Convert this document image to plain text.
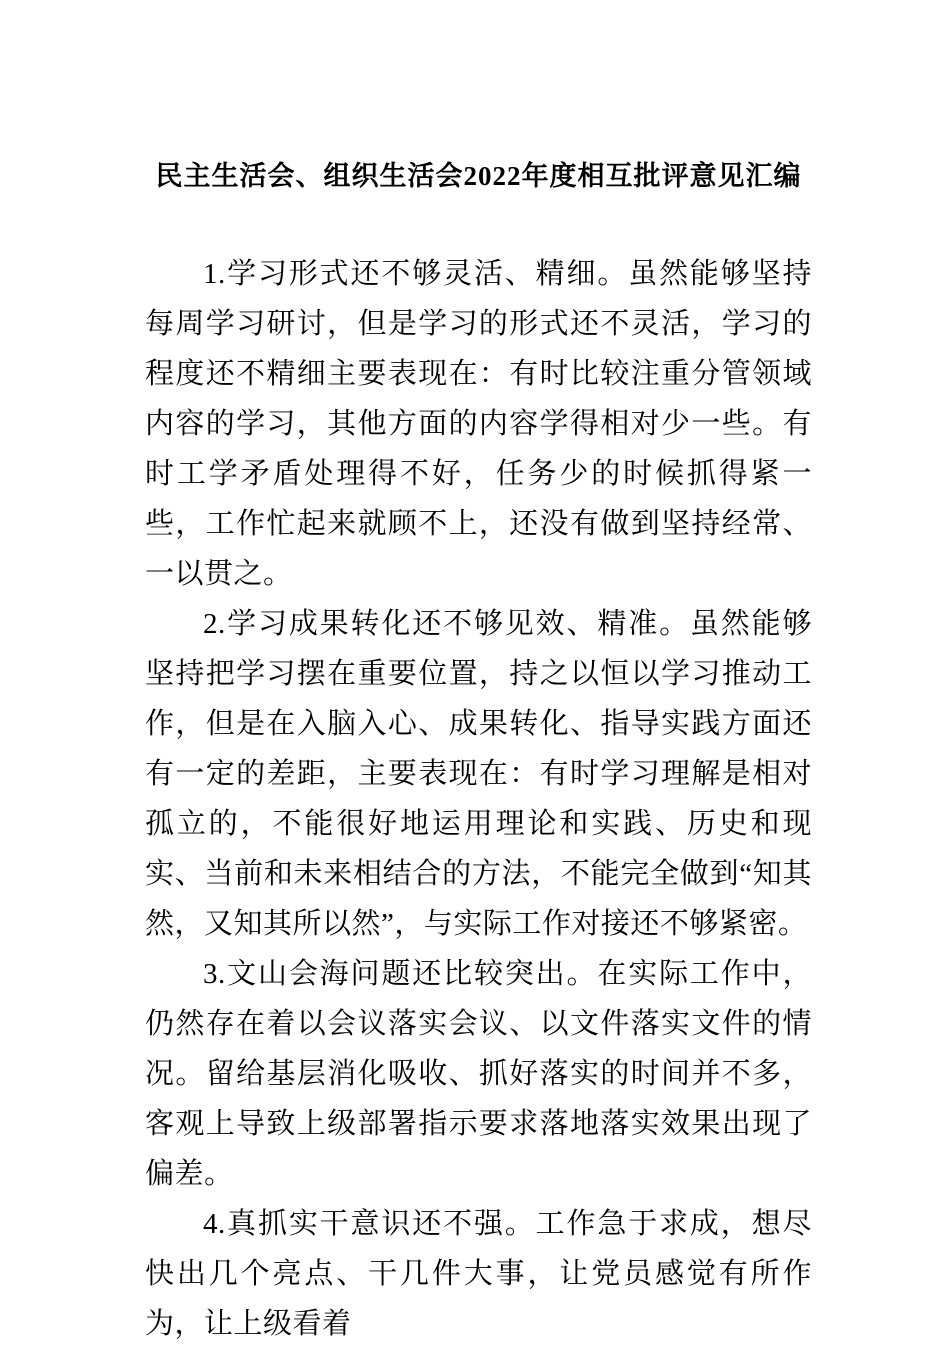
民主生活会、组织生活会2022年度相互批评意见汇编

1.学习形式还不够灵活、精细。虽然能够坚持每周学习研讨，但是学习的形式还不灵活，学习的程度还不精细主要表现在：有时比较注重分管领域内容的学习，其他方面的内容学得相对少一些。有时工学矛盾处理得不好，任务少的时候抓得紧一些，工作忙起来就顾不上，还没有做到坚持经常、一以贯之。

2.学习成果转化还不够见效、精准。虽然能够坚持把学习摆在重要位置，持之以恒以学习推动工作，但是在入脑入心、成果转化、指导实践方面还有一定的差距，主要表现在：有时学习理解是相对孤立的，不能很好地运用理论和实践、历史和现实、当前和未来相结合的方法，不能完全做到“知其然，又知其所以然”，与实际工作对接还不够紧密。

3.文山会海问题还比较突出。在实际工作中，仍然存在着以会议落实会议、以文件落实文件的情况。留给基层消化吸收、抓好落实的时间并不多，客观上导致上级部署指示要求落地落实效果出现了偏差。

4.真抓实干意识还不强。工作急于求成，想尽快出几个亮点、干几件大事，让党员感觉有所作为，让上级看着
